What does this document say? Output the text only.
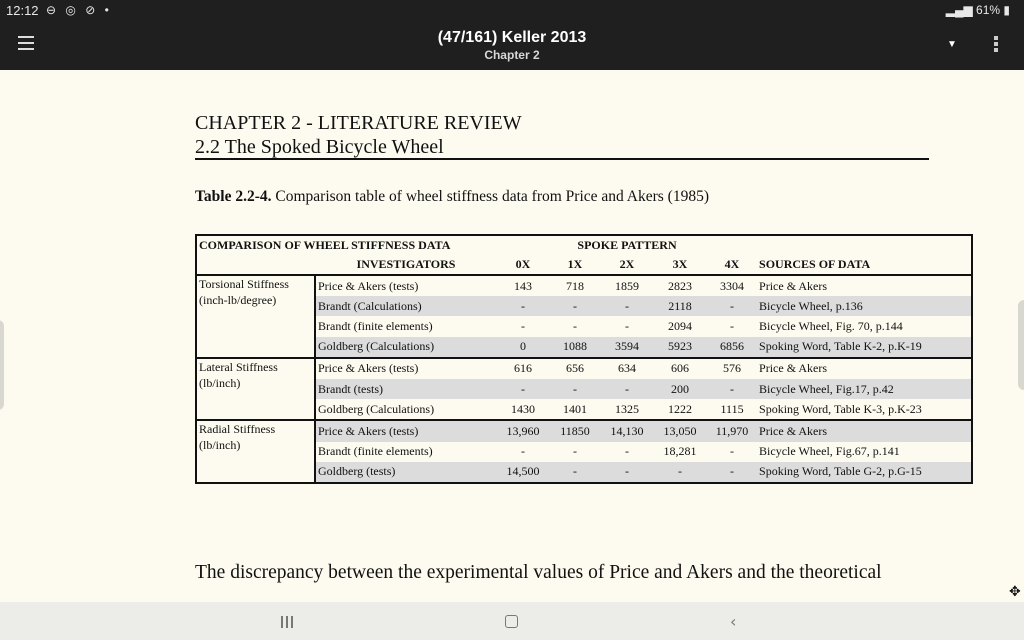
12:12 ⊖ ◎ ⊘ •	▂▄▆ 61% ▮
(47/161) Keller 2013
Chapter 2
▼
CHAPTER 2 - LITERATURE REVIEW
2.2 The Spoked Bicycle Wheel
Table 2.2-4. Comparison table of wheel stiffness data from Price and Akers (1985)
COMPARISON OF WHEEL STIFFNESS DATA		SPOKE PATTERN					
	INVESTIGATORS	0X	1X	2X	3X	4X	SOURCES OF DATA

Torsional Stiffness
(inch-lb/degree)	Price & Akers (tests)	143	718	1859	2823	3304	Price & Akers
	Brandt (Calculations)	-	-	-	2118	-	Bicycle Wheel, p.136
	Brandt (finite elements)	-	-	-	2094	-	Bicycle Wheel, Fig. 70, p.144
	Goldberg (Calculations)	0	1088	3594	5923	6856	Spoking Word, Table K-2, p.K-19

Lateral Stiffness
(lb/inch)	Price & Akers (tests)	616	656	634	606	576	Price & Akers
	Brandt (tests)	-	-	-	200	-	Bicycle Wheel, Fig.17, p.42
	Goldberg (Calculations)	1430	1401	1325	1222	1115	Spoking Word, Table K-3, p.K-23

Radial Stiffness
(lb/inch)	Price & Akers (tests)	13,960	11850	14,130	13,050	11,970	Price & Akers
	Brandt (finite elements)	-	-	-	18,281	-	Bicycle Wheel, Fig.67, p.141
	Goldberg (tests)	14,500	-	-	-	-	Spoking Word, Table G-2, p.G-15
The discrepancy between the experimental values of Price and Akers and the theoretical
✥
‹
